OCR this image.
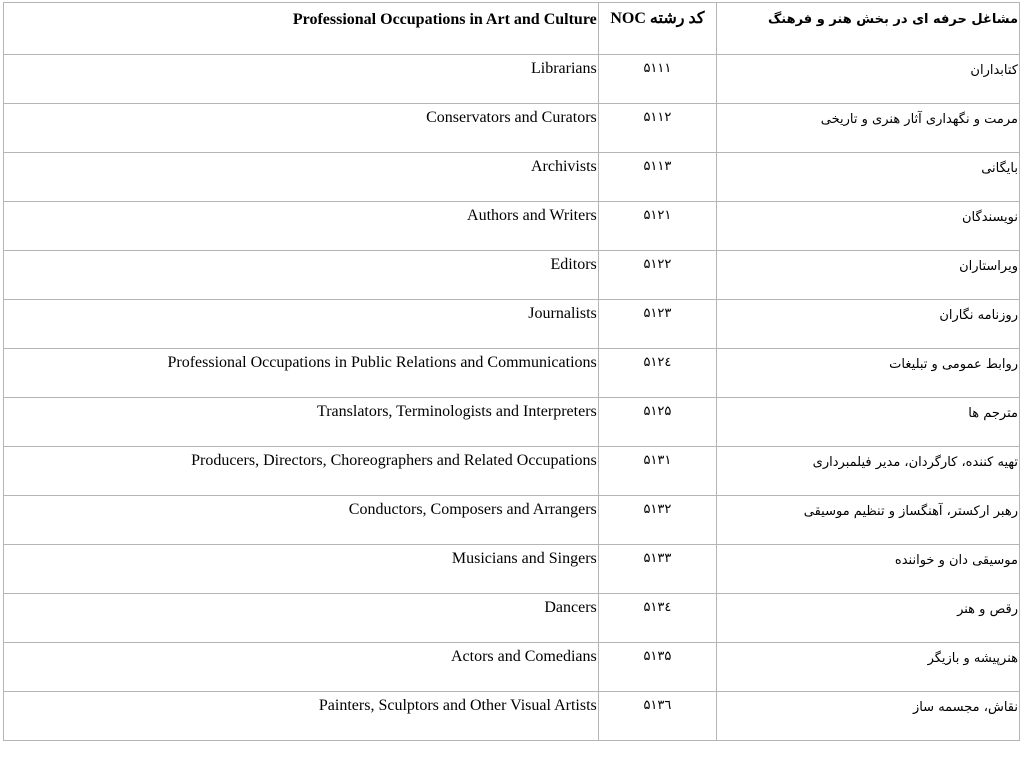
Professional Occupations in Art and Culture	کد رشته NOC	مشاغل حرفه ای در بخش هنر و فرهنگ

Librarians	۵۱۱۱	کتابداران

Conservators and Curators	۵۱۱۲	مرمت و نگهداری آثار هنری و تاریخی

Archivists	۵۱۱۳	بایگانی

Authors and Writers	۵۱۲۱	نویسندگان

Editors	۵۱۲۲	ویراستاران

Journalists	۵۱۲۳	روزنامه نگاران

Professional Occupations in Public Relations and Communications	۵۱۲٤	روابط عمومی و تبلیغات

Translators, Terminologists and Interpreters	۵۱۲۵	مترجم ها

Producers, Directors, Choreographers and Related Occupations	۵۱۳۱	تهیه کننده، کارگردان، مدیر فیلمبرداری

Conductors, Composers and Arrangers	۵۱۳۲	رهبر ارکستر، آهنگساز و تنظیم موسیقی

Musicians and Singers	۵۱۳۳	موسیقی دان و خواننده

Dancers	۵۱۳٤	رقص و هنر

Actors and Comedians	۵۱۳۵	هنرپیشه و بازیگر

Painters, Sculptors and Other Visual Artists	۵۱۳٦	نقاش، مجسمه ساز
